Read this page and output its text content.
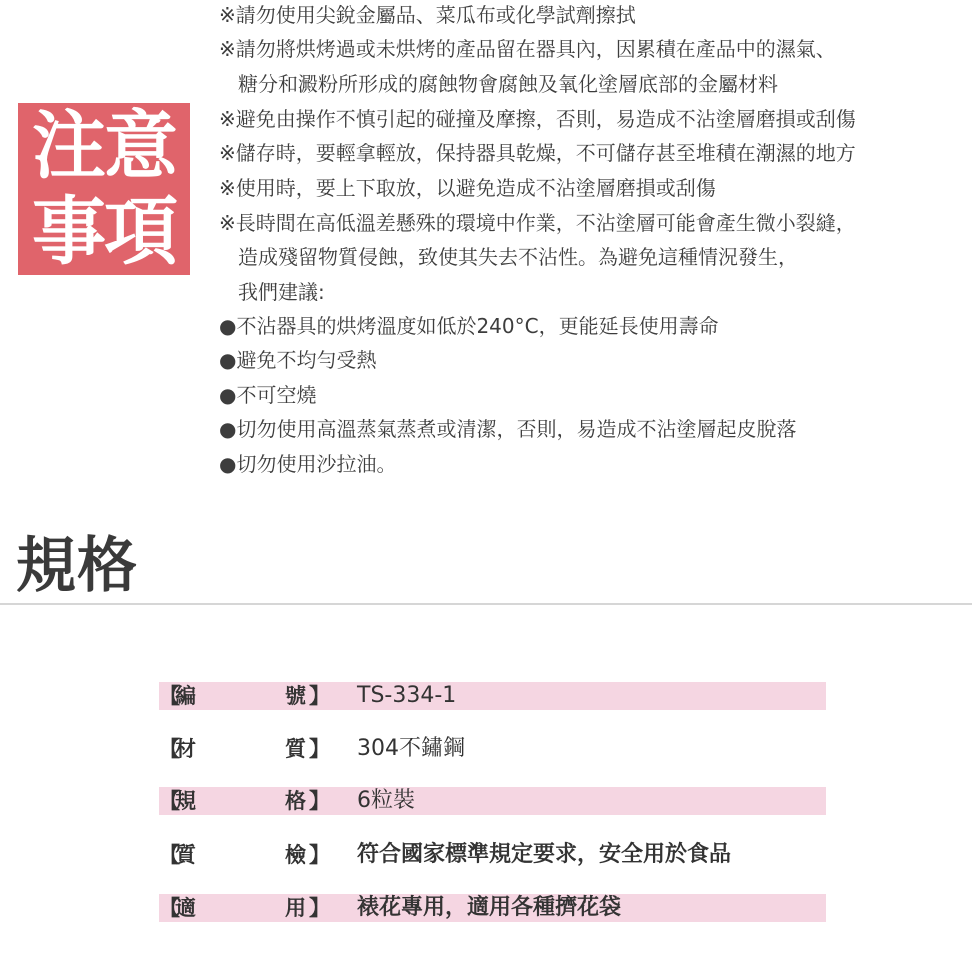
注意
事項
※請勿使用尖銳金屬品、菜瓜布或化學試劑擦拭
※請勿將烘烤過或未烘烤的產品留在器具內，因累積在產品中的濕氣、
糖分和澱粉所形成的腐蝕物會腐蝕及氧化塗層底部的金屬材料
※避免由操作不慎引起的碰撞及摩擦，否則，易造成不沾塗層磨損或刮傷
※儲存時，要輕拿輕放，保持器具乾燥，不可儲存甚至堆積在潮濕的地方
※使用時，要上下取放，以避免造成不沾塗層磨損或刮傷
※長時間在高低溫差懸殊的環境中作業，不沾塗層可能會產生微小裂縫，
造成殘留物質侵蝕，致使其失去不沾性。為避免這種情況發生，
我們建議:
●不沾器具的烘烤溫度如低於240°C，更能延長使用壽命
●避免不均勻受熱
●不可空燒
●切勿使用高溫蒸氣蒸煮或清潔，否則，易造成不沾塗層起皮脫落
●切勿使用沙拉油。
規格
【
編	號 】 TS-334-1
【
材	質 】 304不鏽鋼
【
規	格 】 6粒裝
【
質	檢 】 符合國家標準規定要求，安全用於食品
【
適	用 】 裱花專用，適用各種擠花袋
